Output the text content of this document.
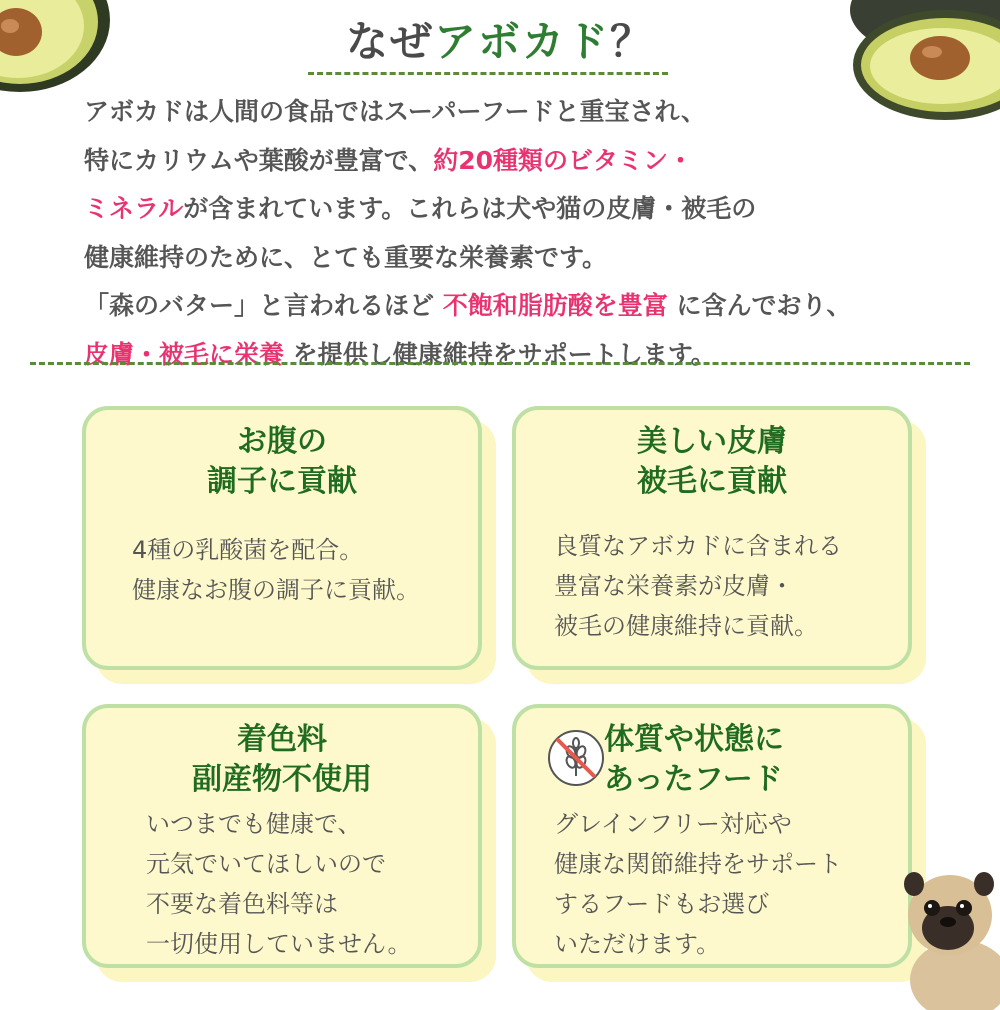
なぜアボカド？
アボカドは人間の食品ではスーパーフードと重宝され、
特にカリウムや葉酸が豊富で、約20種類のビタミン・
ミネラルが含まれています。これらは犬や猫の皮膚・被毛の
健康維持のために、とても重要な栄養素です。
「森のバター」と言われるほど 不飽和脂肪酸を豊富 に含んでおり、
皮膚・被毛に栄養 を提供し健康維持をサポートします。
お腹の
調子に貢献
4種の乳酸菌を配合。
健康なお腹の調子に貢献。
美しい皮膚
被毛に貢献
良質なアボカドに含まれる
豊富な栄養素が皮膚・
被毛の健康維持に貢献。
着色料
副産物不使用
いつまでも健康で、
元気でいてほしいので
不要な着色料等は
一切使用していません。
体質や状態に
あったフード
グレインフリー対応や
健康な関節維持をサポート
するフードもお選び
いただけます。
